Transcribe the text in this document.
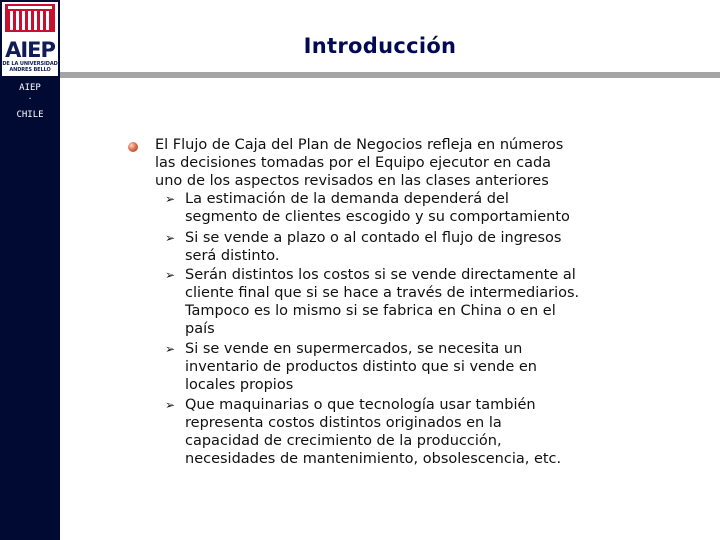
AIEP
DE LA UNIVERSIDAD
ANDRES BELLO
AIEP
.
CHILE
Introducción
El Flujo de Caja del Plan de Negocios refleja en números
las decisiones tomadas por el Equipo ejecutor en cada
uno de los aspectos revisados en las clases anteriores
➢ La estimación de la demanda dependerá del
segmento de clientes escogido y su comportamiento
➢ Si se vende a plazo o al contado el flujo de ingresos
será distinto.
➢ Serán distintos los costos si se vende directamente al
cliente final que si se hace a través de intermediarios.
Tampoco es lo mismo si se fabrica en China o en el
país
➢ Si se vende en supermercados, se necesita un
inventario de productos distinto que si vende en
locales propios
➢ Que maquinarias o que tecnología usar también
representa costos distintos originados en la
capacidad de crecimiento de la producción,
necesidades de mantenimiento, obsolescencia, etc.
